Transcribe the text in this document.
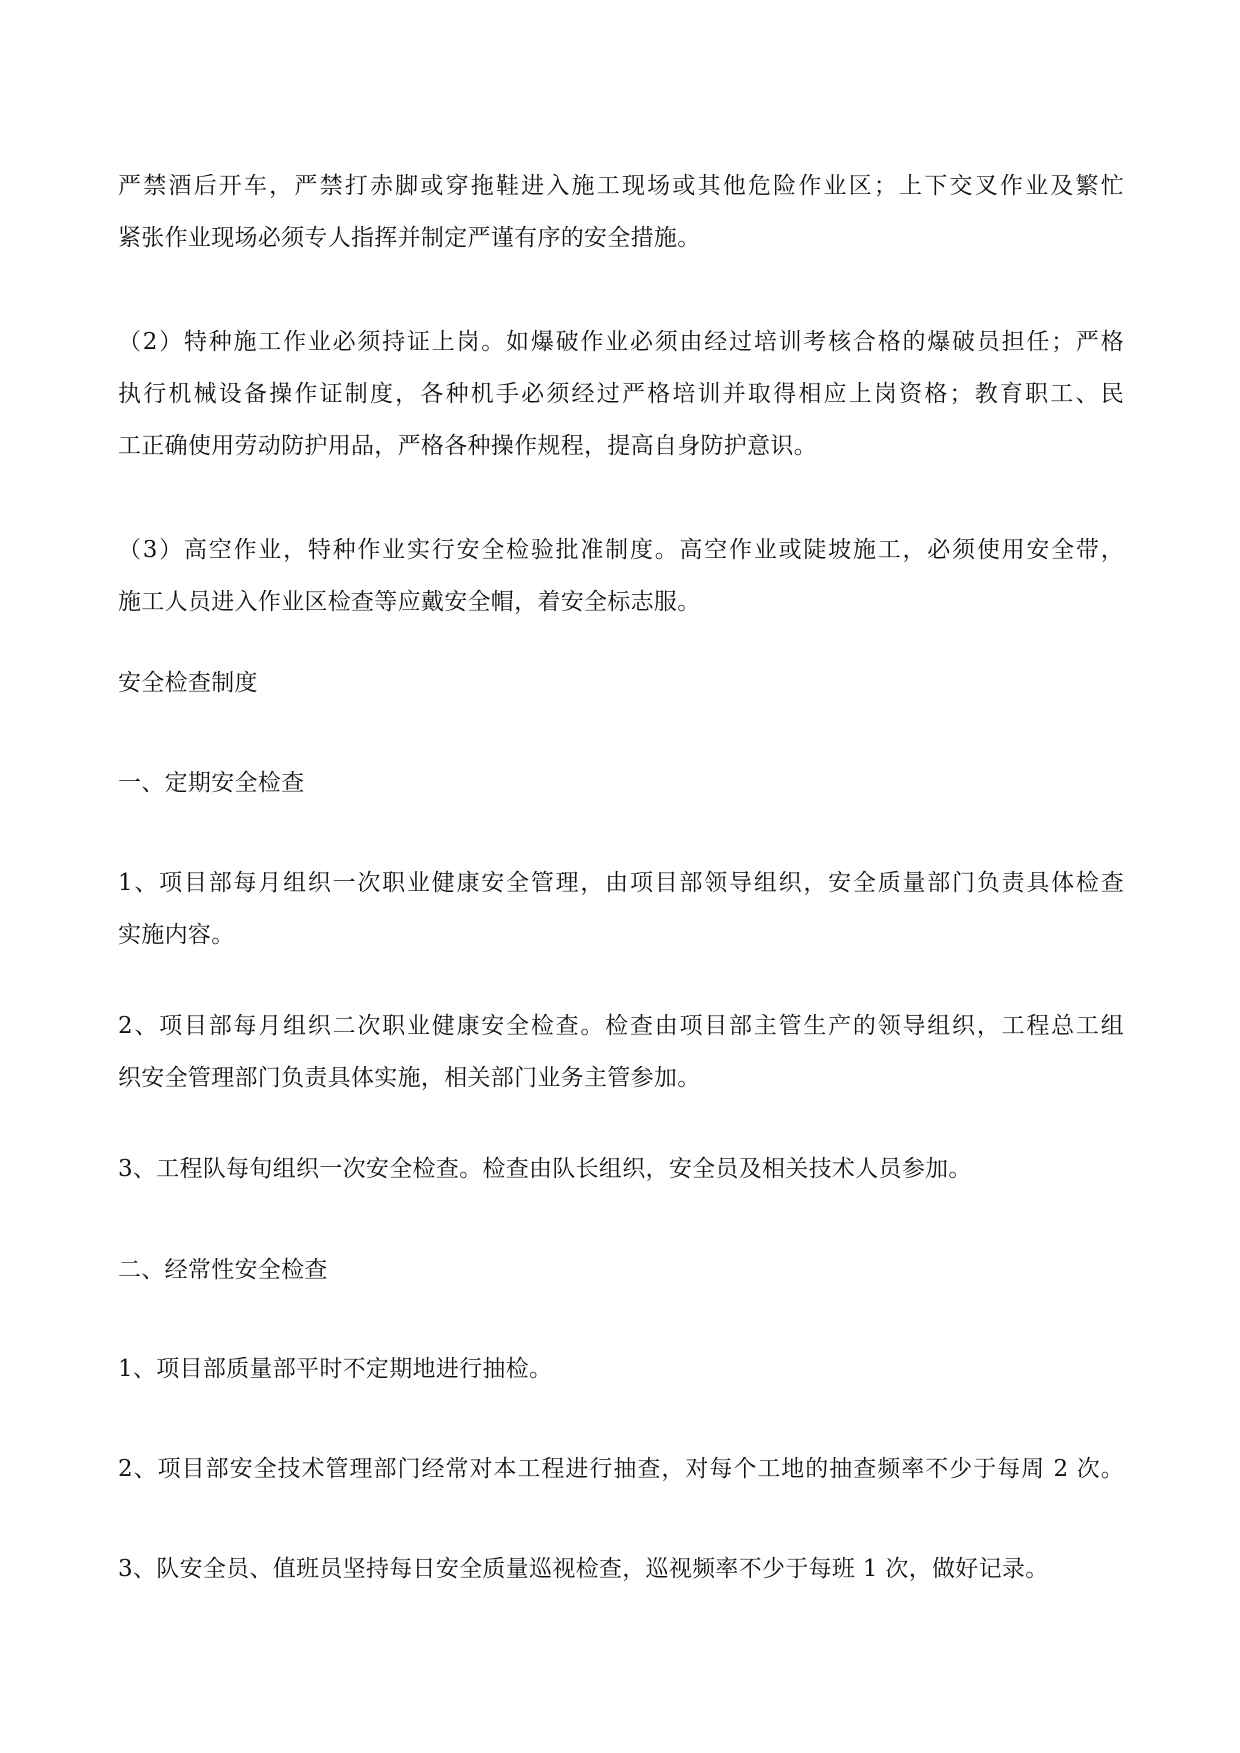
严禁酒后开车，严禁打赤脚或穿拖鞋进入施工现场或其他危险作业区；上下交叉作业及繁忙

紧张作业现场必须专人指挥并制定严谨有序的安全措施。

（2）特种施工作业必须持证上岗。如爆破作业必须由经过培训考核合格的爆破员担任；严格

执行机械设备操作证制度，各种机手必须经过严格培训并取得相应上岗资格；教育职工、民

工正确使用劳动防护用品，严格各种操作规程，提高自身防护意识。

（3）高空作业，特种作业实行安全检验批准制度。高空作业或陡坡施工，必须使用安全带，

施工人员进入作业区检查等应戴安全帽，着安全标志服。

安全检查制度

一、定期安全检查

1、项目部每月组织一次职业健康安全管理，由项目部领导组织，安全质量部门负责具体检查

实施内容。

2、项目部每月组织二次职业健康安全检查。检查由项目部主管生产的领导组织，工程总工组

织安全管理部门负责具体实施，相关部门业务主管参加。

3、工程队每旬组织一次安全检查。检查由队长组织，安全员及相关技术人员参加。

二、经常性安全检查

1、项目部质量部平时不定期地进行抽检。

2、项目部安全技术管理部门经常对本工程进行抽查，对每个工地的抽查频率不少于每周 2 次。

3、队安全员、值班员坚持每日安全质量巡视检查，巡视频率不少于每班 1 次，做好记录。
